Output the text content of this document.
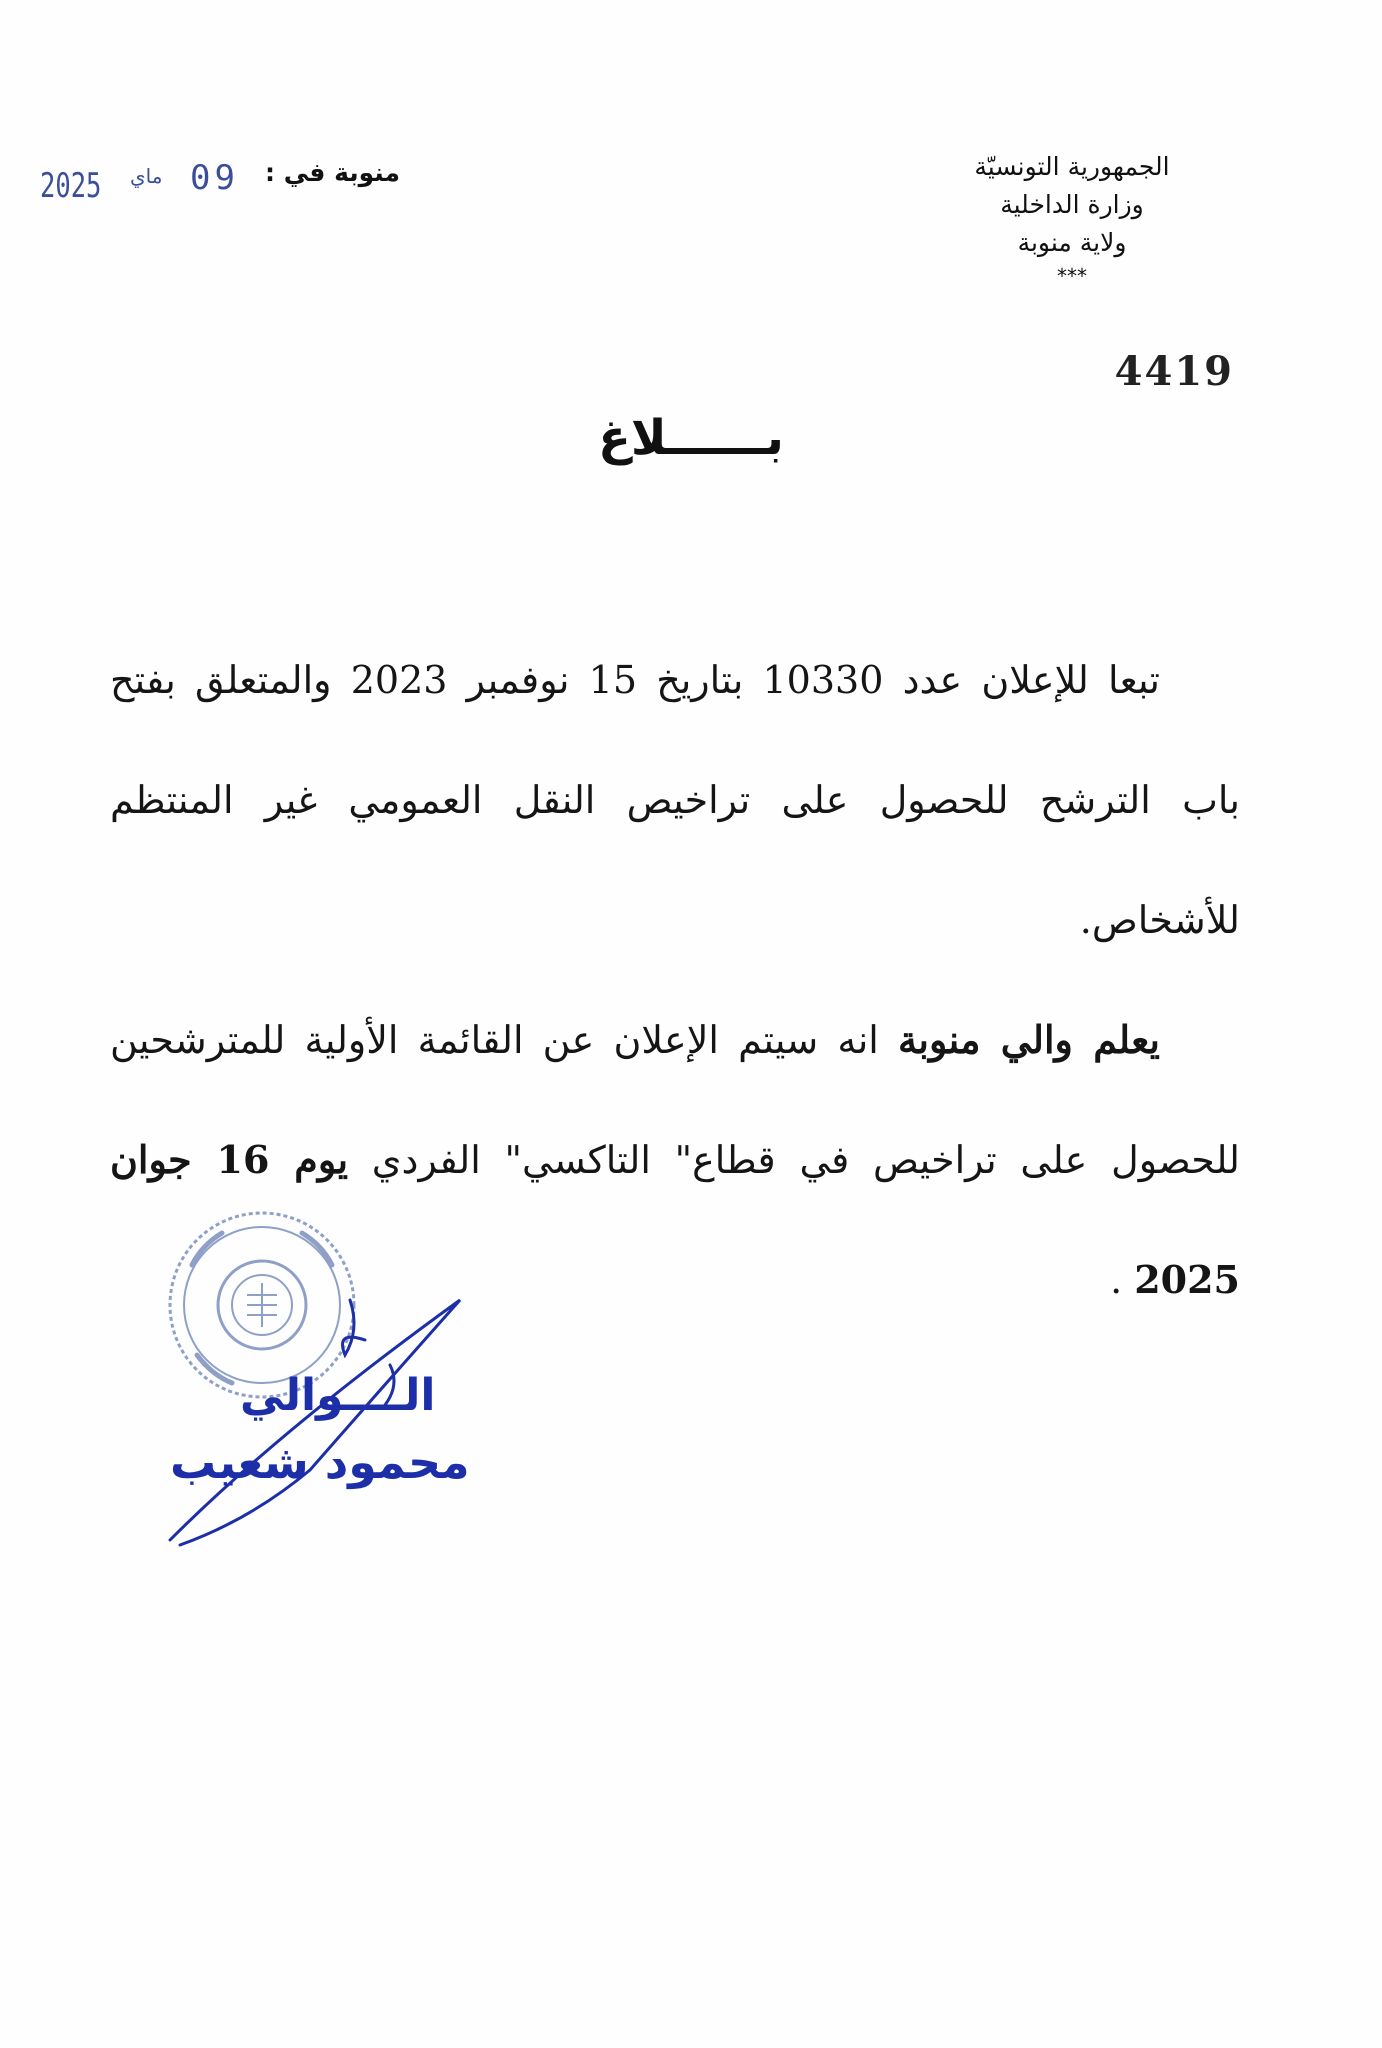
الجمهورية التونسيّة
وزارة الداخلية
ولاية منوبة
***
منوبة في :
09
ماي
2025
4419
بــــــلاغ

تبعا للإعلان عدد 10330 بتاريخ 15 نوفمبر 2023 والمتعلق بفتح باب الترشح للحصول على تراخيص النقل العمومي غير المنتظم للأشخاص.

يعلم والي منوبة انه سيتم الإعلان عن القائمة الأولية للمترشحين للحصول على تراخيص في قطاع" التاكسي" الفردي يوم 16 جوان 2025 .

الــــوالي
محمود شعيب
